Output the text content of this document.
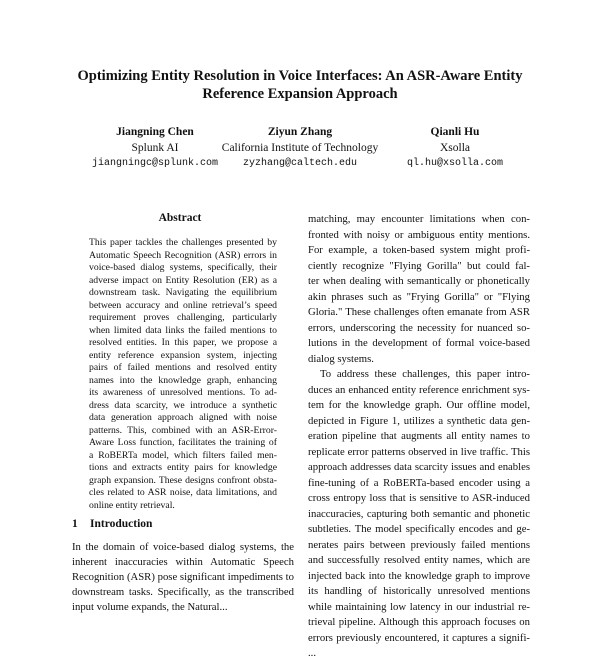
Optimizing Entity Resolution in Voice Interfaces: An ASR-Aware Entity
Reference Expansion Approach
Jiangning Chen
Splunk AI
jiangningc@splunk.com
Ziyun Zhang
California Institute of Technology
zyzhang@caltech.edu
Qianli Hu
Xsolla
ql.hu@xsolla.com
Abstract
This paper tackles the challenges presented by
Automatic Speech Recognition (ASR) errors in
voice-based dialog systems, specifically, their
adverse impact on Entity Resolution (ER) as a
downstream task. Navigating the equilibrium
between accuracy and online retrieval’s speed
requirement proves challenging, particularly
when limited data links the failed mentions to
resolved entities. In this paper, we propose a
entity reference expansion system, injecting
pairs of failed mentions and resolved entity
names into the knowledge graph, enhancing
its awareness of unresolved mentions. To ad-
dress data scarcity, we introduce a synthetic
data generation approach aligned with noise
patterns. This, combined with an ASR-Error-
Aware Loss function, facilitates the training of
a RoBERTa model, which filters failed men-
tions and extracts entity pairs for knowledge
graph expansion. These designs confront obsta-
cles related to ASR noise, data limitations, and
online entity retrieval.
1 Introduction
In the domain of voice-based dialog systems, the
inherent inaccuracies within Automatic Speech
Recognition (ASR) pose significant impediments to
downstream tasks. Specifically, as the transcribed
input volume expands, the Natural...
matching, may encounter limitations when con-
fronted with noisy or ambiguous entity mentions.
For example, a token-based system might profi-
ciently recognize "Flying Gorilla" but could fal-
ter when dealing with semantically or phonetically
akin phrases such as "Frying Gorilla" or "Flying
Gloria." These challenges often emanate from ASR
errors, underscoring the necessity for nuanced so-
lutions in the development of formal voice-based
dialog systems.
To address these challenges, this paper intro-
duces an enhanced entity reference enrichment sys-
tem for the knowledge graph. Our offline model,
depicted in Figure 1, utilizes a synthetic data gen-
eration pipeline that augments all entity names to
replicate error patterns observed in live traffic. This
approach addresses data scarcity issues and enables
fine-tuning of a RoBERTa-based encoder using a
cross entropy loss that is sensitive to ASR-induced
inaccuracies, capturing both semantic and phonetic
subtleties. The model specifically encodes and ge-
nerates pairs between previously failed mentions
and successfully resolved entity names, which are
injected back into the knowledge graph to improve
its handling of historically unresolved mentions
while maintaining low latency in our industrial re-
trieval pipeline. Although this approach focuses on
errors previously encountered, it captures a signifi-
...
